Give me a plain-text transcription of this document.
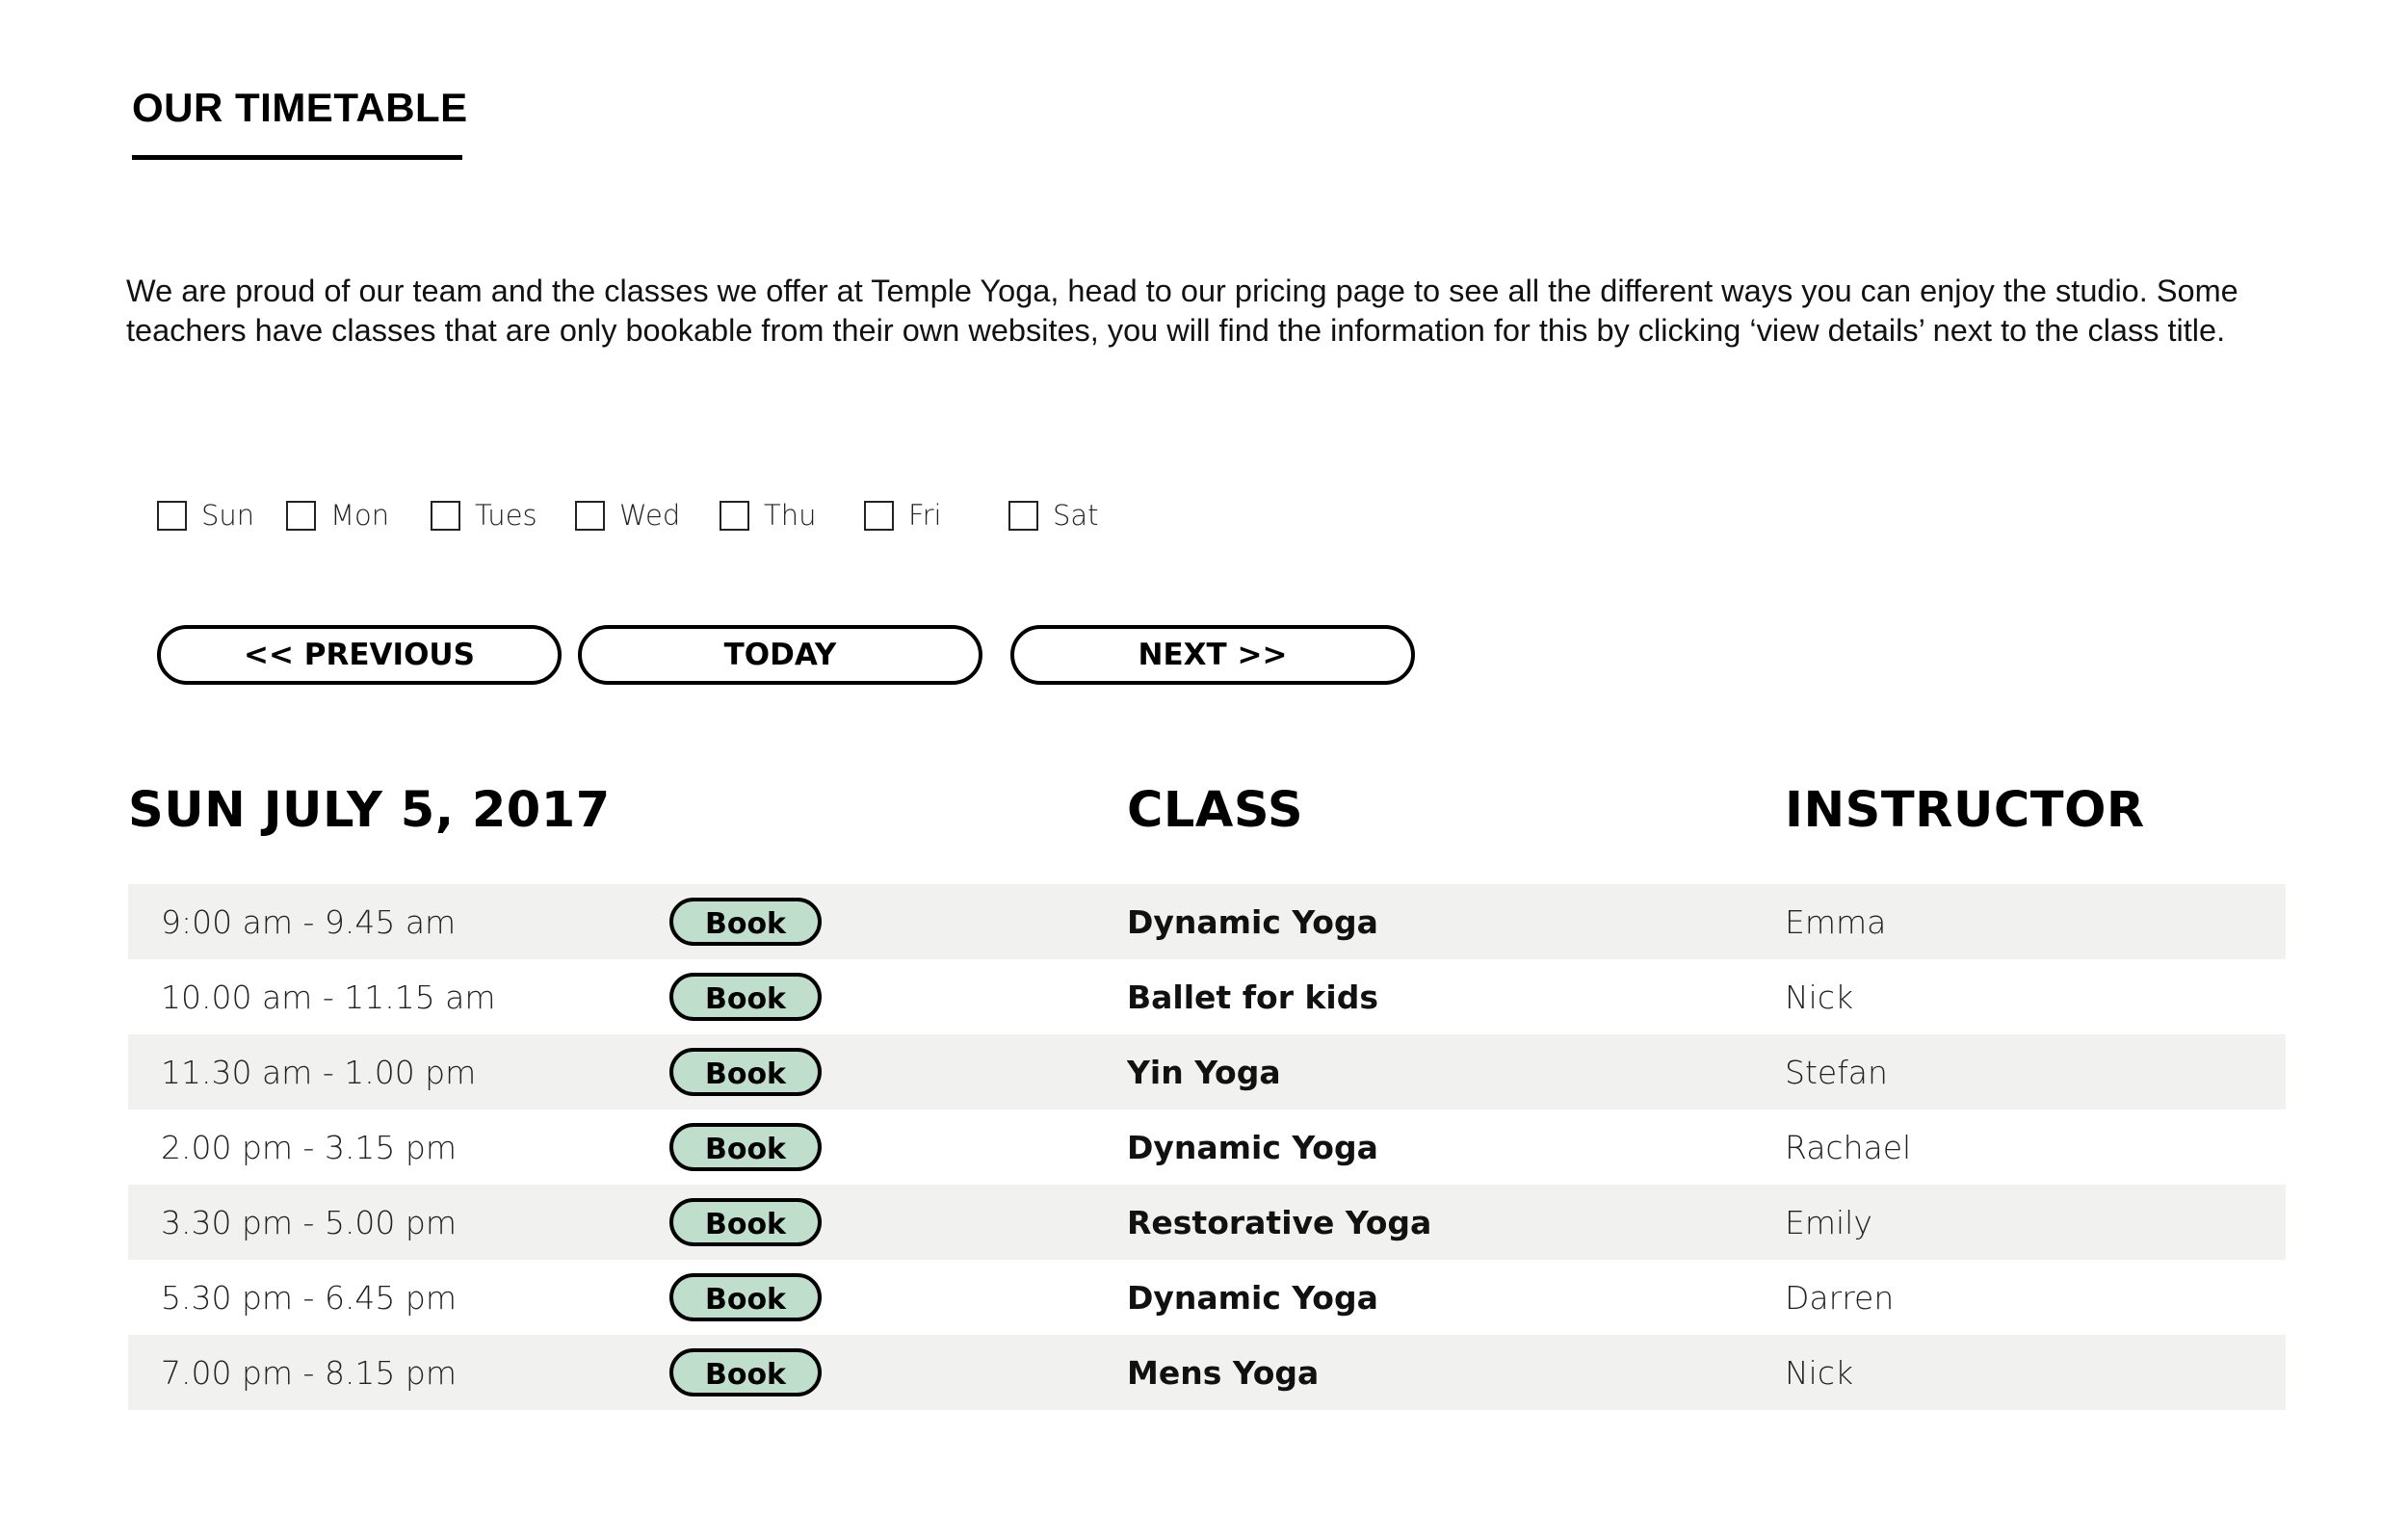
OUR TIMETABLE

We are proud of our team and the classes we offer at Temple Yoga, head to our pricing page to see all the different ways you can enjoy the studio. Some teachers have classes that are only bookable from their own websites, you will find the information for this by clicking ‘view details’ next to the class title.

Sun	Mon	Tues	Wed	Thu	Fri	Sat
<< PREVIOUS	TODAY	NEXT >>
SUN JULY 5, 2017	CLASS	INSTRUCTOR
9:00 am - 9.45 am	Book	Dynamic Yoga	Emma
10.00 am - 11.15 am	Book	Ballet for kids	Nick
11.30 am - 1.00 pm	Book	Yin Yoga	Stefan
2.00 pm - 3.15 pm	Book	Dynamic Yoga	Rachael
3.30 pm - 5.00 pm	Book	Restorative Yoga	Emily
5.30 pm - 6.45 pm	Book	Dynamic Yoga	Darren
7.00 pm - 8.15 pm	Book	Mens Yoga	Nick
